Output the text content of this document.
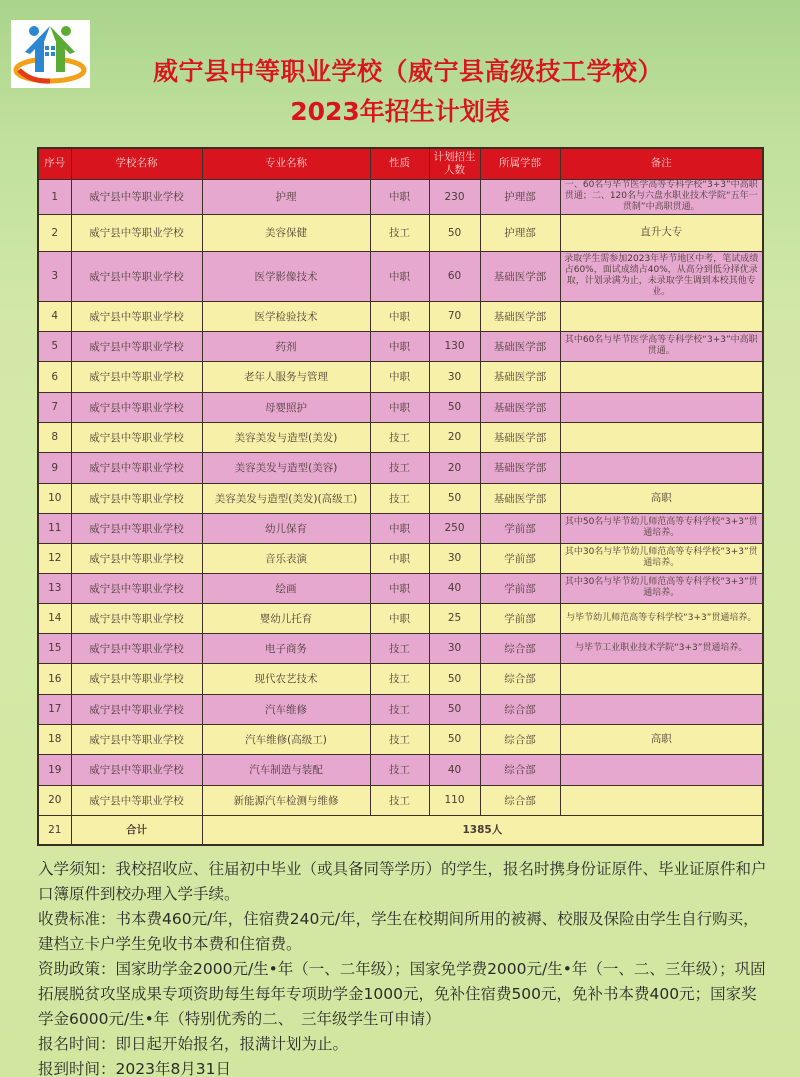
威宁县中等职业学校（威宁县高级技工学校）
2023年招生计划表
序号	学校名称	专业名称	性质	计划招生人数	所属学部	备注
1	威宁县中等职业学校	护理	中职	230	护理部	一、60名与毕节医学高等专科学校“3+3”中高职贯通；二、120名与六盘水职业技术学院“五年一贯制”中高职贯通。
2	威宁县中等职业学校	美容保健	技工	50	护理部	直升大专
3	威宁县中等职业学校	医学影像技术	中职	60	基础医学部	录取学生需参加2023年毕节地区中考，笔试成绩占60%，面试成绩占40%，从高分到低分择优录取，计划录满为止，未录取学生调到本校其他专业。
4	威宁县中等职业学校	医学检验技术	中职	70	基础医学部	
5	威宁县中等职业学校	药剂	中职	130	基础医学部	其中60名与毕节医学高等专科学校“3+3”中高职贯通。
6	威宁县中等职业学校	老年人服务与管理	中职	30	基础医学部	
7	威宁县中等职业学校	母婴照护	中职	50	基础医学部	
8	威宁县中等职业学校	美容美发与造型(美发)	技工	20	基础医学部	
9	威宁县中等职业学校	美容美发与造型(美容)	技工	20	基础医学部	
10	威宁县中等职业学校	美容美发与造型(美发)(高级工)	技工	50	基础医学部	高职
11	威宁县中等职业学校	幼儿保育	中职	250	学前部	其中50名与毕节幼儿师范高等专科学校“3+3”贯通培养。
12	威宁县中等职业学校	音乐表演	中职	30	学前部	其中30名与毕节幼儿师范高等专科学校“3+3”贯通培养。
13	威宁县中等职业学校	绘画	中职	40	学前部	其中30名与毕节幼儿师范高等专科学校“3+3”贯通培养。
14	威宁县中等职业学校	婴幼儿托育	中职	25	学前部	与毕节幼儿师范高等专科学校“3+3”贯通培养。
15	威宁县中等职业学校	电子商务	技工	30	综合部	与毕节工业职业技术学院“3+3”贯通培养。
16	威宁县中等职业学校	现代农艺技术	技工	50	综合部	
17	威宁县中等职业学校	汽车维修	技工	50	综合部	
18	威宁县中等职业学校	汽车维修(高级工)	技工	50	综合部	高职
19	威宁县中等职业学校	汽车制造与装配	技工	40	综合部	
20	威宁县中等职业学校	新能源汽车检测与维修	技工	110	综合部	
21	合计	1385人				

入学须知：我校招收应、往届初中毕业（或具备同等学历）的学生，报名时携身份证原件、毕业证原件和户口簿原件到校办理入学手续。

收费标准：书本费460元/年，住宿费240元/年，学生在校期间所用的被褥、校服及保险由学生自行购买，建档立卡户学生免收书本费和住宿费。

资助政策：国家助学金2000元/生•年（一、二年级）；国家免学费2000元/生•年（一、二、三年级）；巩固拓展脱贫攻坚成果专项资助每生每年专项助学金1000元，免补住宿费500元，免补书本费400元；国家奖学金6000元/生•年（特别优秀的二、　三年级学生可申请）

报名时间：即日起开始报名，报满计划为止。

报到时间：2023年8月31日
